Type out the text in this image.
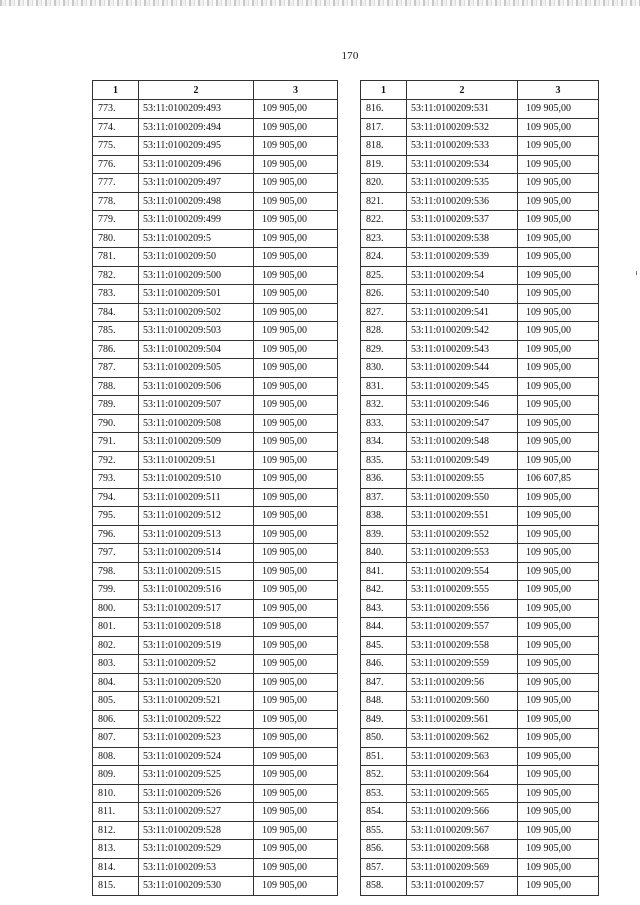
170
1	2	3
773.	53:11:0100209:493	109 905,00
774.	53:11:0100209:494	109 905,00
775.	53:11:0100209:495	109 905,00
776.	53:11:0100209:496	109 905,00
777.	53:11:0100209:497	109 905,00
778.	53:11:0100209:498	109 905,00
779.	53:11:0100209:499	109 905,00
780.	53:11:0100209:5	109 905,00
781.	53:11:0100209:50	109 905,00
782.	53:11:0100209:500	109 905,00
783.	53:11:0100209:501	109 905,00
784.	53:11:0100209:502	109 905,00
785.	53:11:0100209:503	109 905,00
786.	53:11:0100209:504	109 905,00
787.	53:11:0100209:505	109 905,00
788.	53:11:0100209:506	109 905,00
789.	53:11:0100209:507	109 905,00
790.	53:11:0100209:508	109 905,00
791.	53:11:0100209:509	109 905,00
792.	53:11:0100209:51	109 905,00
793.	53:11:0100209:510	109 905,00
794.	53:11:0100209:511	109 905,00
795.	53:11:0100209:512	109 905,00
796.	53:11:0100209:513	109 905,00
797.	53:11:0100209:514	109 905,00
798.	53:11:0100209:515	109 905,00
799.	53:11:0100209:516	109 905,00
800.	53:11:0100209:517	109 905,00
801.	53:11:0100209:518	109 905,00
802.	53:11:0100209:519	109 905,00
803.	53:11:0100209:52	109 905,00
804.	53:11:0100209:520	109 905,00
805.	53:11:0100209:521	109 905,00
806.	53:11:0100209:522	109 905,00
807.	53:11:0100209:523	109 905,00
808.	53:11:0100209:524	109 905,00
809.	53:11:0100209:525	109 905,00
810.	53:11:0100209:526	109 905,00
811.	53:11:0100209:527	109 905,00
812.	53:11:0100209:528	109 905,00
813.	53:11:0100209:529	109 905,00
814.	53:11:0100209:53	109 905,00
815.	53:11:0100209:530	109 905,00
1	2	3
816.	53:11:0100209:531	109 905,00
817.	53:11:0100209:532	109 905,00
818.	53:11:0100209:533	109 905,00
819.	53:11:0100209:534	109 905,00
820.	53:11:0100209:535	109 905,00
821.	53:11:0100209:536	109 905,00
822.	53:11:0100209:537	109 905,00
823.	53:11:0100209:538	109 905,00
824.	53:11:0100209:539	109 905,00
825.	53:11:0100209:54	109 905,00
826.	53:11:0100209:540	109 905,00
827.	53:11:0100209:541	109 905,00
828.	53:11:0100209:542	109 905,00
829.	53:11:0100209:543	109 905,00
830.	53:11:0100209:544	109 905,00
831.	53:11:0100209:545	109 905,00
832.	53:11:0100209:546	109 905,00
833.	53:11:0100209:547	109 905,00
834.	53:11:0100209:548	109 905,00
835.	53:11:0100209:549	109 905,00
836.	53:11:0100209:55	106 607,85
837.	53:11:0100209:550	109 905,00
838.	53:11:0100209:551	109 905,00
839.	53:11:0100209:552	109 905,00
840.	53:11:0100209:553	109 905,00
841.	53:11:0100209:554	109 905,00
842.	53:11:0100209:555	109 905,00
843.	53:11:0100209:556	109 905,00
844.	53:11:0100209:557	109 905,00
845.	53:11:0100209:558	109 905,00
846.	53:11:0100209:559	109 905,00
847.	53:11:0100209:56	109 905,00
848.	53:11:0100209:560	109 905,00
849.	53:11:0100209:561	109 905,00
850.	53:11:0100209:562	109 905,00
851.	53:11:0100209:563	109 905,00
852.	53:11:0100209:564	109 905,00
853.	53:11:0100209:565	109 905,00
854.	53:11:0100209:566	109 905,00
855.	53:11:0100209:567	109 905,00
856.	53:11:0100209:568	109 905,00
857.	53:11:0100209:569	109 905,00
858.	53:11:0100209:57	109 905,00
